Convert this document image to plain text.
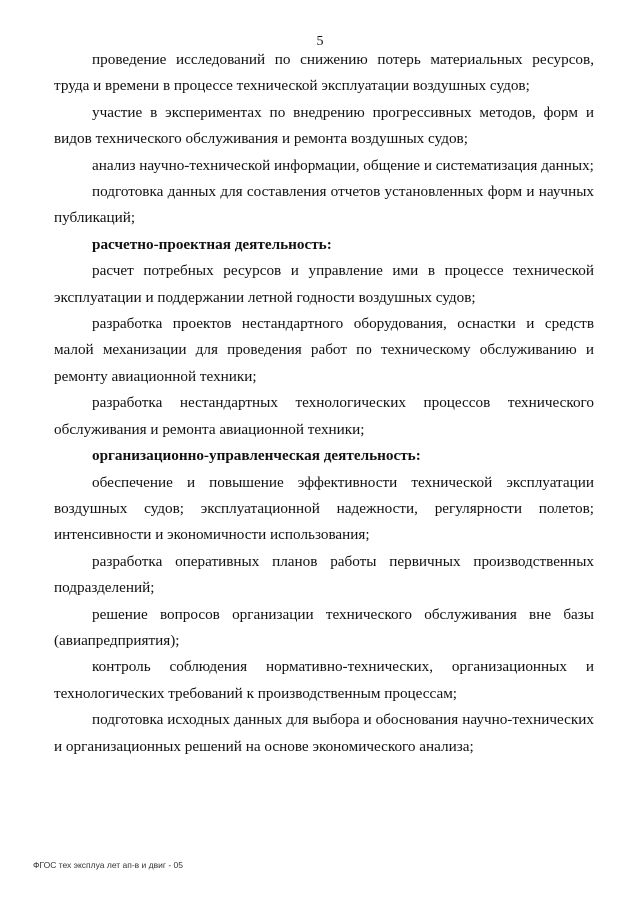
5

проведение исследований по снижению потерь материальных ресурсов, труда и времени в процессе технической эксплуатации воздушных судов;

участие в экспериментах по внедрению прогрессивных методов, форм и видов технического обслуживания и ремонта воздушных судов;

анализ научно-технической информации, общение и систематизация данных;

подготовка данных для составления отчетов установленных форм и научных публикаций;

расчетно-проектная деятельность:

расчет потребных ресурсов и управление ими в процессе технической эксплуатации и поддержании летной годности воздушных судов;

разработка проектов нестандартного оборудования, оснастки и средств малой механизации для проведения работ по техническому обслуживанию и ремонту авиационной техники;

разработка нестандартных технологических процессов технического обслуживания и ремонта авиационной техники;

организационно-управленческая деятельность:

обеспечение и повышение эффективности технической эксплуатации воздушных судов; эксплуатационной надежности, регулярности полетов; интенсивности и экономичности использования;

разработка оперативных планов работы первичных производственных подразделений;

решение вопросов организации технического обслуживания вне базы (авиапредприятия);

контроль соблюдения нормативно-технических, организационных и технологических требований к производственным процессам;

подготовка исходных данных для выбора и обоснования научно-технических и организационных решений на основе экономического анализа;

ФГОС тех эксплуа лет ап-в и двиг - 05
